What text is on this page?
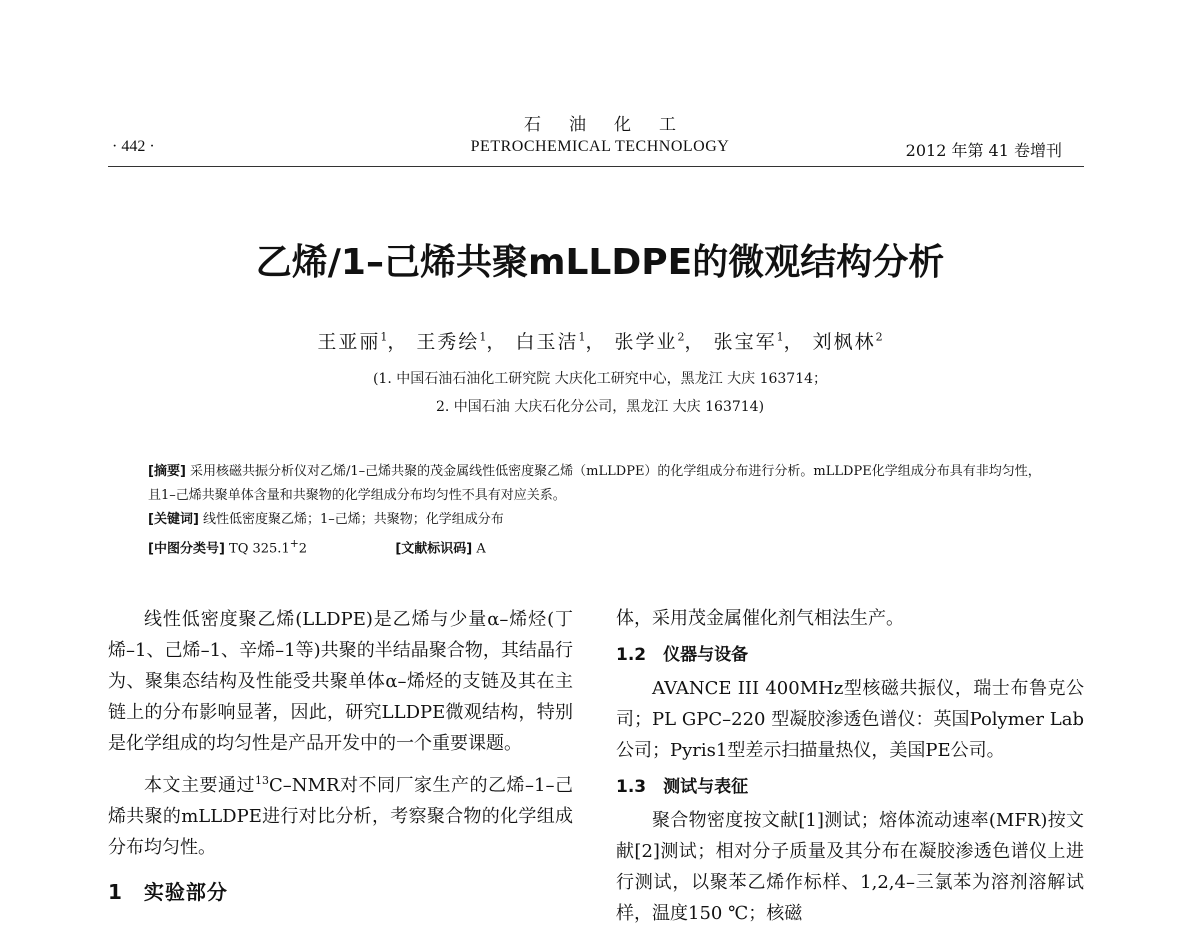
石油化工
· 442 ·	PETROCHEMICAL TECHNOLOGY	2012 年第 41 卷增刊
乙烯/1–己烯共聚mLLDPE的微观结构分析
王亚丽$^1$， 王秀绘$^1$， 白玉洁$^1$， 张学业$^2$， 张宝军$^1$， 刘枫林$^2$
(1. 中国石油石油化工研究院 大庆化工研究中心，黑龙江 大庆 163714；
2. 中国石油 大庆石化分公司，黑龙江 大庆 163714)
[摘要] 采用核磁共振分析仪对乙烯/1–己烯共聚的茂金属线性低密度聚乙烯（mLLDPE）的化学组成分布进行分析。mLLDPE化学组成分布具有非均匀性，且1–己烯共聚单体含量和共聚物的化学组成分布均匀性不具有对应关系。
[关键词] 线性低密度聚乙烯；1–己烯；共聚物；化学组成分布
[中图分类号] TQ 325.1+2	[文献标识码] A

线性低密度聚乙烯(LLDPE)是乙烯与少量α–烯烃(丁烯–1、己烯–1、辛烯–1等)共聚的半结晶聚合物，其结晶行为、聚集态结构及性能受共聚单体α–烯烃的支链及其在主链上的分布影响显著，因此，研究LLDPE微观结构，特别是化学组成的均匀性是产品开发中的一个重要课题。

本文主要通过$^{13}$C–NMR对不同厂家生产的乙烯–1–己烯共聚的mLLDPE进行对比分析，考察聚合物的化学组成分布均匀性。

1　实验部分

体，采用茂金属催化剂气相法生产。

1.2　仪器与设备

AVANCE III 400MHz型核磁共振仪，瑞士布鲁克公司；PL GPC–220 型凝胶渗透色谱仪：英国Polymer Lab公司；Pyris1型差示扫描量热仪，美国PE公司。

1.3　测试与表征

聚合物密度按文献[1]测试；熔体流动速率(MFR)按文献[2]测试；相对分子质量及其分布在凝胶渗透色谱仪上进行测试，以聚苯乙烯作标样、1,2,4–三氯苯为溶剂溶解试样，温度150 ℃；核磁
